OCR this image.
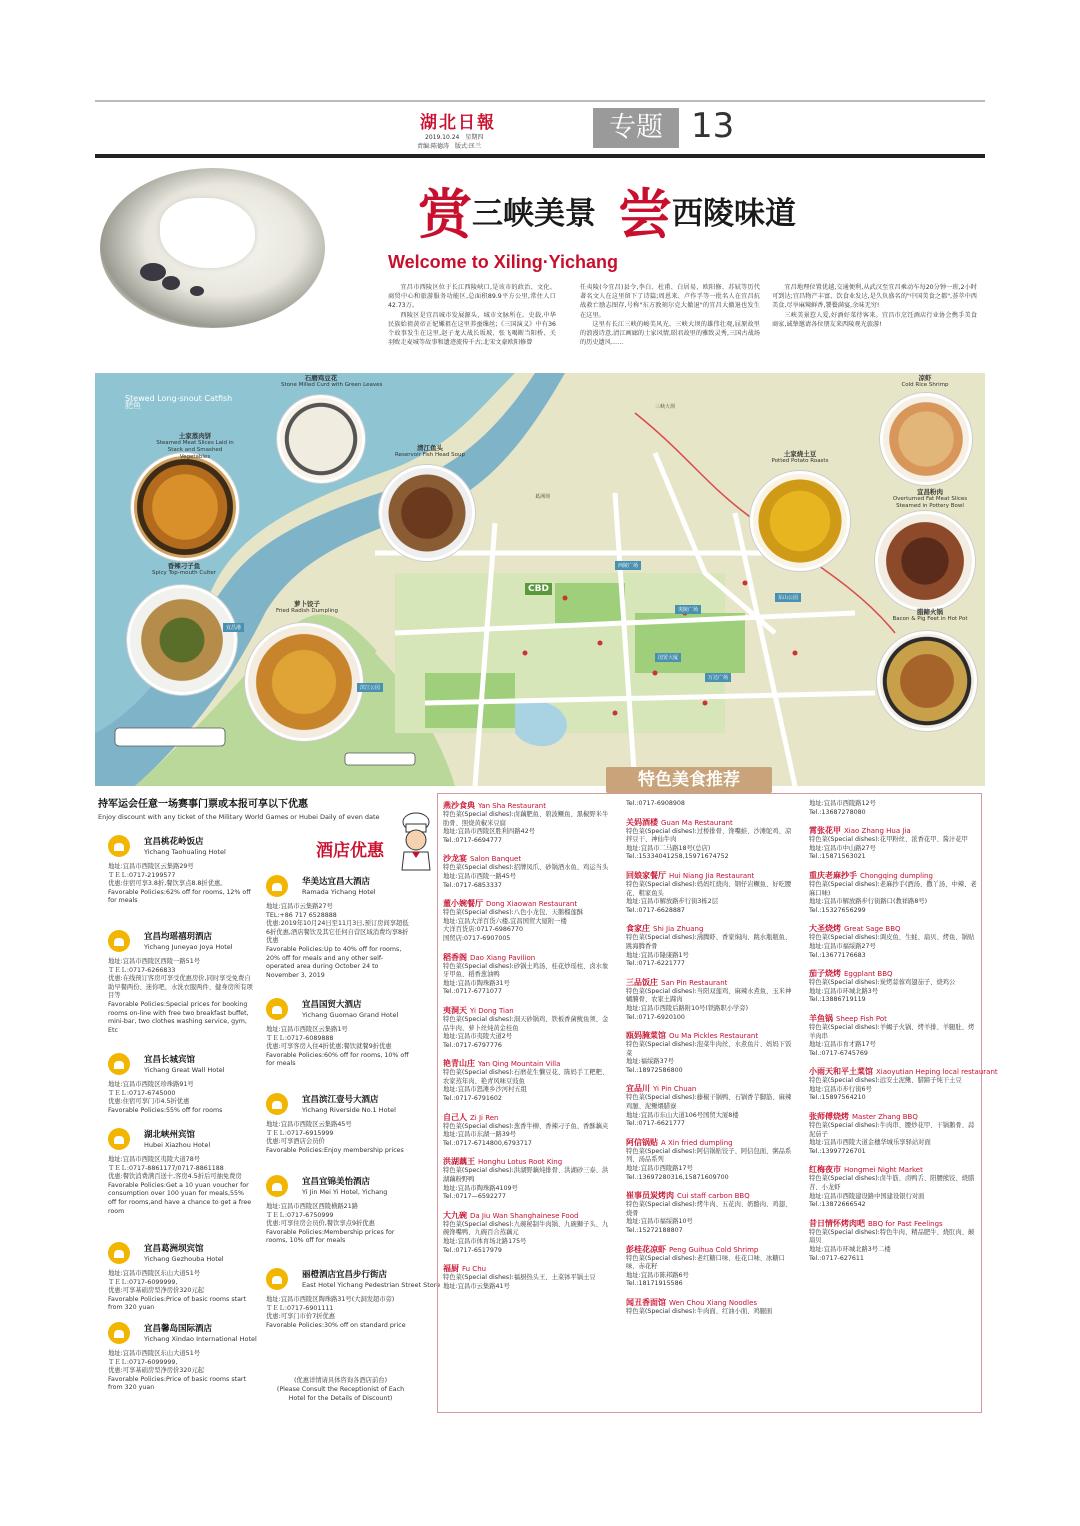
湖北日報
2019.10.24　星期四
责编:陈德涛　版式:匡兰
专题 13
赏三峡美景 尝西陵味道
Welcome to Xiling·Yichang

宜昌市西陵区位于长江西陵峡口,是该市的政治、文化、商贸中心和旅游服务功能区,总面积89.9平方公里,常住人口42.73万。

西陵区是宜昌城市发展源头、城市文脉所在。史载,中华民族始祖黄帝正妃嫘祖在这里养蚕缫丝;《三国演义》中有36个故事发生在这里,赵子龙大战长坂坡、张飞喝断当阳桥、关羽败走麦城等故事和遗迹流传千古;北宋文豪欧阳修曾

任夷陵(今宜昌)县令,李白、杜甫、白居易、欧阳修、苏轼等历代著名文人在这里留下了诗篇;周恩来、卢作孚等一批名人在宜昌抗战救亡励志图存,号称"东方敦刻尔克大撤退"的宜昌大撤退也发生在这里。

这里有长江三峡的峻美风光、三峡大坝的雄伟壮观,屈原故里的浪漫诗意,清江画廊的土家风情,昭君故里的雅致灵秀,三国古战场的历史遗风……

宜昌地理位置优越,交通便利,从武汉至宜昌乘动车每20分钟一班,2小时可到达;宜昌物产丰富、饮食业发达,是久负盛名的"中国美食之都",荟萃中西美食,尽享麻辣鲜香,饕餮满宴,余味无穷!

三峡美景惹人爱,好酒好菜待客来。宜昌市烹饪酒店行业协会携手美食商家,诚挚邀请各位朋友来西陵观光旅游!

Stewed Long-snout Catfish
肥鱼
石磨鸡豆花
Stone Milled Curd with Green Leaves
土家蒸肉饼
Steamed Meat Slices Laid in Stack and Smashed Vegetables
清江鱼头
Reservoir Fish Head Soup
香辣刁子鱼
Spicy Top-mouth Culter
萝卜饺子
Fried Radish Dumpling
凉虾
Cold Rice Shrimp
土家烧土豆
Potted Potato Roasts
宜昌粉肉
Overturned Fat Meat Slices Steamed in Pottery Bowl
腊蹄火锅
Bacon & Pig Feet in Hot Pot
三峡大坝
葛洲坝
CBD
西陵广场
夷陵广场
国贸大厦
滨江公园
宜昌港
东山公园
万达广场
特色美食推荐
持军运会任意一场赛事门票或本报可享以下优惠
Enjoy discount with any ticket of the Military World Games or Hubei Daily of even date
酒店优惠
宜昌桃花岭饭店
Yichang Taohualing Hotel
地址:宜昌市西陵区云集路29号
ＴＥＬ:0717-2199577
优惠:住宿可享3.8折,餐饮享点8.8折优惠。
Favorable Policies:62% off for rooms, 12% off for meals
宜昌均瑶禧玥酒店
Yichang Juneyao Joya Hotel
地址:宜昌市西陵区西陵一路51号
ＴＥＬ:0717-6266833
优惠:在线预订客房可享受优惠房价,同时享受免费自助早餐两份、迷你吧、水洗衣服两件、健身房所有项目等
Favorable Policies:Special prices for booking rooms on-line with free two breakfast buffet, mini-bar, two clothes washing service, gym, Etc
宜昌长城宾馆
Yichang Great Wall Hotel
地址:宜昌市西陵区珍珠路91号
ＴＥＬ:0717-6745000
优惠:住宿可享门市4.5折优惠
Favorable Policies:55% off for rooms
湖北峡州宾馆
Hubei Xiazhou Hotel
地址:宜昌市西陵区夷陵大道78号
ＴＥＬ:0717-8861177/0717-8861188
优惠:餐饮消费满百送十,客房4.5折后可抽免费房
Favorable Policies:Get a 10 yuan voucher for consumption over 100 yuan for meals,55% off for rooms,and have a chance to get a free room
宜昌葛洲坝宾馆
Yichang Gezhouba Hotel
地址:宜昌市西陵区东山大道51号
ＴＥＬ:0717-6099999,
优惠:可享基础房型净房价320元起
Favorable Policies:Price of basic rooms start from 320 yuan
宜昌馨岛国际酒店
Yichang Xindao International Hotel
地址:宜昌市西陵区东山大道51号
ＴＥＬ:0717-6099999,
优惠:可享基础房型净房价320元起
Favorable Policies:Price of basic rooms start from 320 yuan
华美达宜昌大酒店
Ramada Yichang Hotel
地址:宜昌市云集路27号
TEL:+86 717 6528888
优惠:2019年10月24日至11月3日,预订房间享超低6折优惠,酒店餐饮及其它任何自营区域消费均享8折优惠
Favorable Policies:Up to 40% off for rooms, 20% off for meals and any other self-operated area during October 24 to November 3, 2019
宜昌国贸大酒店
Yichang Guomao Grand Hotel
地址:宜昌市西陵区云集路1号
ＴＥＬ:0717-6089888
优惠:可享客房入住4折优惠;餐饮就餐9折优惠
Favorable Policies:60% off for rooms, 10% off for meals
宜昌滨江壹号大酒店
Yichang Riverside No.1 Hotel
地址:宜昌市西陵区云集路45号
ＴＥＬ:0717-6915999
优惠:可享酒店会员价
Favorable Policies:Enjoy membership prices
宜昌宜锦美怡酒店
Yi Jin Mei Yi Hotel, Yichang
地址:宜昌市西陵区西陵横路21路
ＴＥＬ:0717-6750999
优惠:可享住房会员价,餐饮享点9折优惠
Favorable Policies:Membership prices for rooms, 10% off for meals
丽橙酒店宜昌步行街店
East Hotel Yichang Pedestrian Street Store
地址:宜昌市西陵区陶珠路31号(大洞发超市旁)
ＴＥＬ:0717-6901111
优惠:可享门市价7折优惠
Favorable Policies:30% off on standard price
(优惠详情请具体咨询各酒店前台)
(Please Consult the Receptionist of Each Hotel for the Details of Discount)
燕沙食典 Yan Sha Restaurant
特色菜(Special dishes):卤藕肥鱼、碧波鳜鱼、黑椒野米牛肋骨、照烧黄椒米豆腐
地址:宜昌市西陵区胜利四路42号
Tel.:0717-6694777
沙龙宴 Salon Banquet
特色菜(Special dishes):招牌凤爪、砂锅酒水鱼、鸡运当头
地址:宜昌市西陵一路45号
Tel.:0717-6853337
董小婉餐厅 Dong Xiaowan Restaurant
特色菜(Special dishes):八色小龙包、天鹅榴莲酥
地址:宜昌大洋百货六楼,宜昌国贸大厦附一楼
大洋百货店:0717-6986770
国贸店:0717-6907005
稻香阁 Dao Xiang Pavilion
特色菜(Special dishes):砂锅土鸡汤、桂花炒瑶柱、卤水象牙甲鱼、稻香葱油鸭
地址:宜昌市陶珠路31号
Tel.:0717-6771077
夷洞天 Yi Dong Tian
特色菜(Special dishes):洞天砂锅鸡、铁板香菌鱿鱼须、金品牛肉、萝卜丝炖黄金桂鱼
地址:宜昌市夷陵大道2号
Tel.:0717-6797776
艳青山庄 Yan Qing Mountain Villa
特色菜(Special dishes):石磨花生懒豆花、陈妈手工粑粑、农家蒸年肉、艳青风味豆豉鱼
地址:宜昌市怒滩乡沙河村五组
Tel.:0717-6791602
自己人 Zi Ji Ren
特色菜(Special dishes):葱香牛柳、香辣刁子鱼、香酥藕夹
地址:宜昌市东湖一路39号
Tel.:0717-6714800,6793717
洪湖藕王 Honghu Lotus Root King
特色菜(Special dishes):洪湖野藕炖排骨、洪湖砂三泰、洪湖藕粉野鸭
地址:宜昌市陶珠路4109号
Tel.:0717—6592277
大九碗 Da Jiu Wan Shanghainese Food
特色菜(Special dishes):九碗秘制牛肉锅、九碗狮子头、九碗馋嘴鸭、九碗百合蒸藕元
地址:宜昌市体育场北路175号
Tel.:0717-6517979
福厨 Fu Chu
特色菜(Special dishes):福厨热头王、土菜钵平锅土豆
地址:宜昌市云集路41号
Tel.:0717-6908908
关妈酒楼 Guan Ma Restaurant
特色菜(Special dishes):过桥排骨、馋嘴蛙、沙滩鸵鸡、凉拌豆干、神仙牛肉
地址:宜昌市二马路18号(总店)
Tel.:15334041258,15971674752
回娘家餐厅 Hui Niang Jia Restaurant
特色菜(Special dishes):妈妈红烧肉、钢仔岩鳜鱼、好吃腰花、粗家鱼头
地址:宜昌市解放路步行街3栋2层
Tel.:0717-6628887
食家庄 Shi Jia Zhuang
特色菜(Special dishes):沸腾虾、香家焖肉、跳水瓶瓶鱼、跳海腾香骨
地址:宜昌市隆康路1号
Tel.:0717-6221777
三品饭庄 San Pin Restaurant
特色菜(Special dishes):当阳双莲鸡、麻辣水煮鱼、玉米神蝴腩骨、农家土蹄肉
地址:宜昌市西陵后路附10号(铁路职小学旁)
Tel.:0717-6920100
瓯妈腌菜馆 Ou Ma Pickles Restaurant
特色菜(Special dishes):泡菜牛肉丝、水煮鱼片、妈妈下饭菜
地址:福绥路37号
Tel.:18972586800
宜品川 Yi Pin Chuan
特色菜(Special dishes):藤椒干锅鸭、石锅香芋脚筋、麻辣鸡臆、泥鳅煨腊寮
地址:宜昌市东山大道106号国贸大厦8楼
Tel.:0717-6621777
阿信锅贴 A Xin fried dumpling
特色菜(Special dishes):阿信锅贴饺子、阿信包面、粥品系列、汤品系列
地址:宜昌市西陵路17号
Tel.:13697280316,15871609700
崔事员炭烤肉 Cui staff carbon BBQ
特色菜(Special dishes):烤牛肉、五花肉、奶酪肉、鸡翅、烧骨
地址:宜昌市福绥路10号
Tel.:15272188807
彭桂花凉虾 Peng Guihua Cold Shrimp
特色菜(Special dishes):老红糖口味、桂花口味、冰糖口味、赤花籽
地址:宜昌市陈邦路6号
Tel.:18171915586
闻丑香面馆 Wen Chou Xiang Noodles
特色菜(Special dishes):牛肉面、红油小面、鸡腿面
地址:宜昌市西陵路12号
Tel.:13687278080
霄张花甲 Xiao Zhang Hua Jia
特色菜(Special dishes):花甲粉丝、浓香花甲、酱汁花甲
地址:宜昌市中山路27号
Tel.:15871563021
重庆老麻抄手 Chongqing dumpling
特色菜(Special dishes):老麻抄手(酒汤、撒丫汤、中辣、老麻口味)
地址:宜昌市解放路步行街路口(教祥路8号)
Tel.:15327656299
大圣烧烤 Great Sage BBQ
特色菜(Special dishes):调皮鱼、生蚝、扇贝、烤鱼、锅贴
地址:宜昌市福绥路27号
Tel.:13677176683
茄子烧烤 Eggplant BBQ
特色菜(Special dishes):炭烤蒜蓉鸡翅茄子、烧鸡公
地址:宜昌市环城北路3号
Tel.:13886719119
羊鱼锅 Sheep Fish Pot
特色菜(Special dishes):羊蝎子火锅、烤羊排、羊腿肚、烤羊肉串
地址:宜昌市育才路17号
Tel.:0717-6745769
小雨天和平土菜馆 Xiaoyutian Heping local restaurant
特色菜(Special dishes):远安土泥鳅、腊蹄子炖干土豆
地址:宜昌市步行街6号
Tel.:15897564210
张师傅烧烤 Master Zhang BBQ
特色菜(Special dishes):牛肉串、腰炒花甲、干锅鹅骨、蒜泥茄子
地址:宜昌市西陵大道金穗华城乐享驿站对面
Tel.:13997726701
红梅夜市 Hongmei Night Market
特色菜(Special dishes):卤牛筋、卤鸭舌、阳腰熊饺、烧腊苕、小龙虾
地址:宜昌市西陵建设路中国建设银行对面
Tel.:13872666542
昔日情怀烤肉吧 BBQ for Past Feelings
特色菜(Special dishes):特色牛肉、精品肥牛、烧肛肉、颠扇贝
地址:宜昌市环城北路3号二楼
Tel.:0717-627611
